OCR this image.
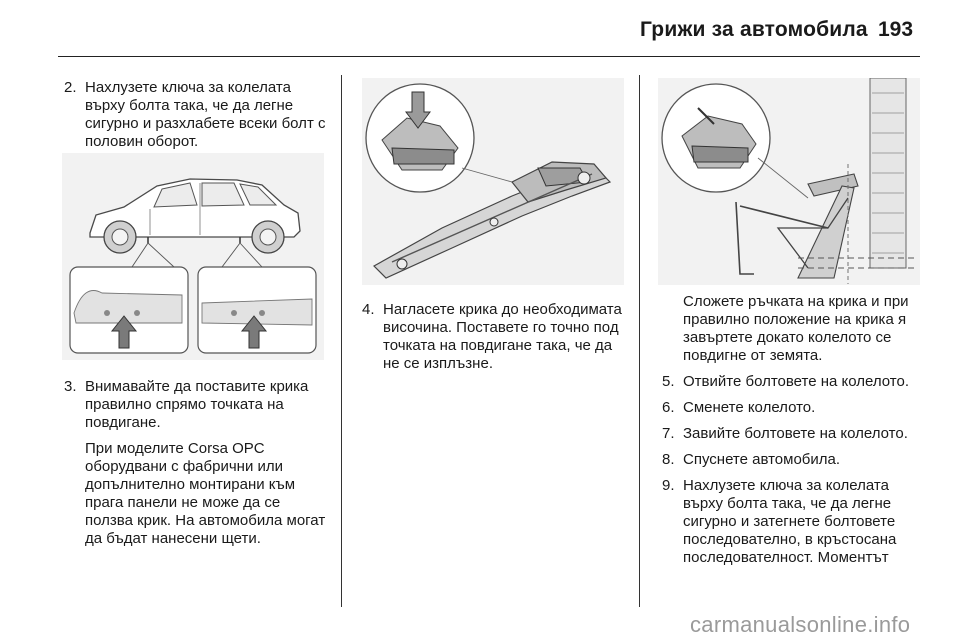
Грижи за автомобила 193
2. Нахлузете ключа за колелата върху болта така, че да легне сигурно и разхлабете всеки болт с половин оборот.
3. Внимавайте да поставите крика правилно спрямо точката на повдигане.
При моделите Corsa OPC оборудвани с фабрични или допълнително монтирани към прага панели не може да се ползва крик. На автомобила могат да бъдат нанесени щети.
4. Нагласете крика до необходимата височина. Поставете го точно под точката на повдигане така, че да не се изплъзне.
Сложете ръчката на крика и при правилно положение на крика я завъртете докато колелото се повдигне от земята.
5. Отвийте болтовете на колелото.
6. Сменете колелото.
7. Завийте болтовете на колелото.
8. Спуснете автомобила.
9. Нахлузете ключа за колелата върху болта така, че да легне сигурно и затегнете болтовете последователно, в кръстосана последователност. Моментът
carmanualsonline.info
